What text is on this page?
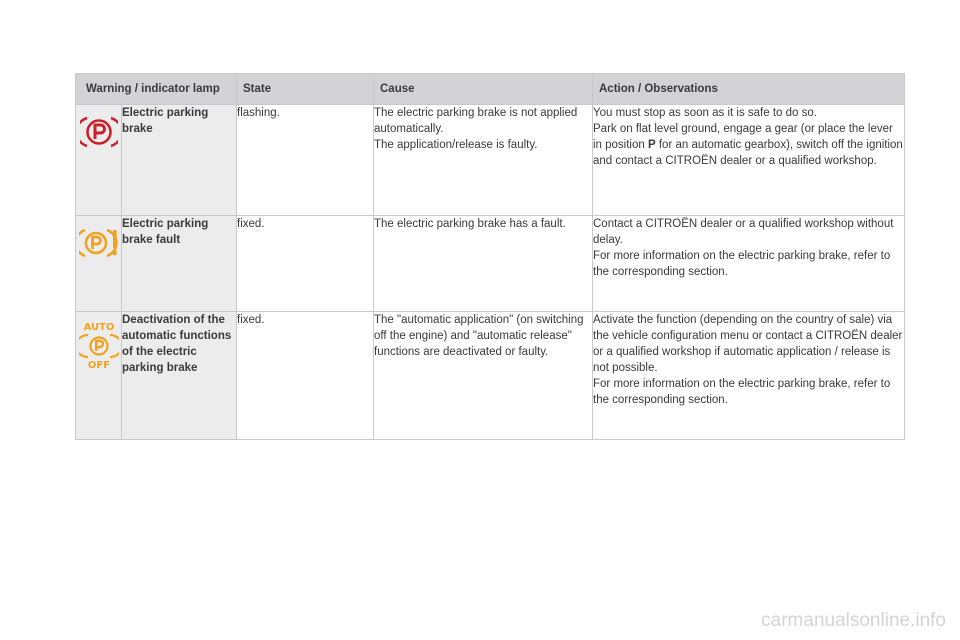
Warning / indicator lamp		State	Cause	Action / Observations

	Electric parking brake	flashing.	The electric parking brake is not applied automatically.
The application/release is faulty.	You must stop as soon as it is safe to do so.
Park on flat level ground, engage a gear (or place the lever in position P for an automatic gearbox), switch off the ignition and contact a CITROËN dealer or a qualified workshop.

	Electric parking brake fault	fixed.	The electric parking brake has a fault.	Contact a CITROËN dealer or a qualified workshop without delay.
For more information on the electric parking brake, refer to the corresponding section.

AUTO
OFF	Deactivation of the automatic functions of the electric parking brake	fixed.	The "automatic application" (on switching off the engine) and "automatic release" functions are deactivated or faulty.	Activate the function (depending on the country of sale) via the vehicle configuration menu or contact a CITROËN dealer or a qualified workshop if automatic application / release is not possible.
For more information on the electric parking brake, refer to the corresponding section.
carmanualsonline.info
